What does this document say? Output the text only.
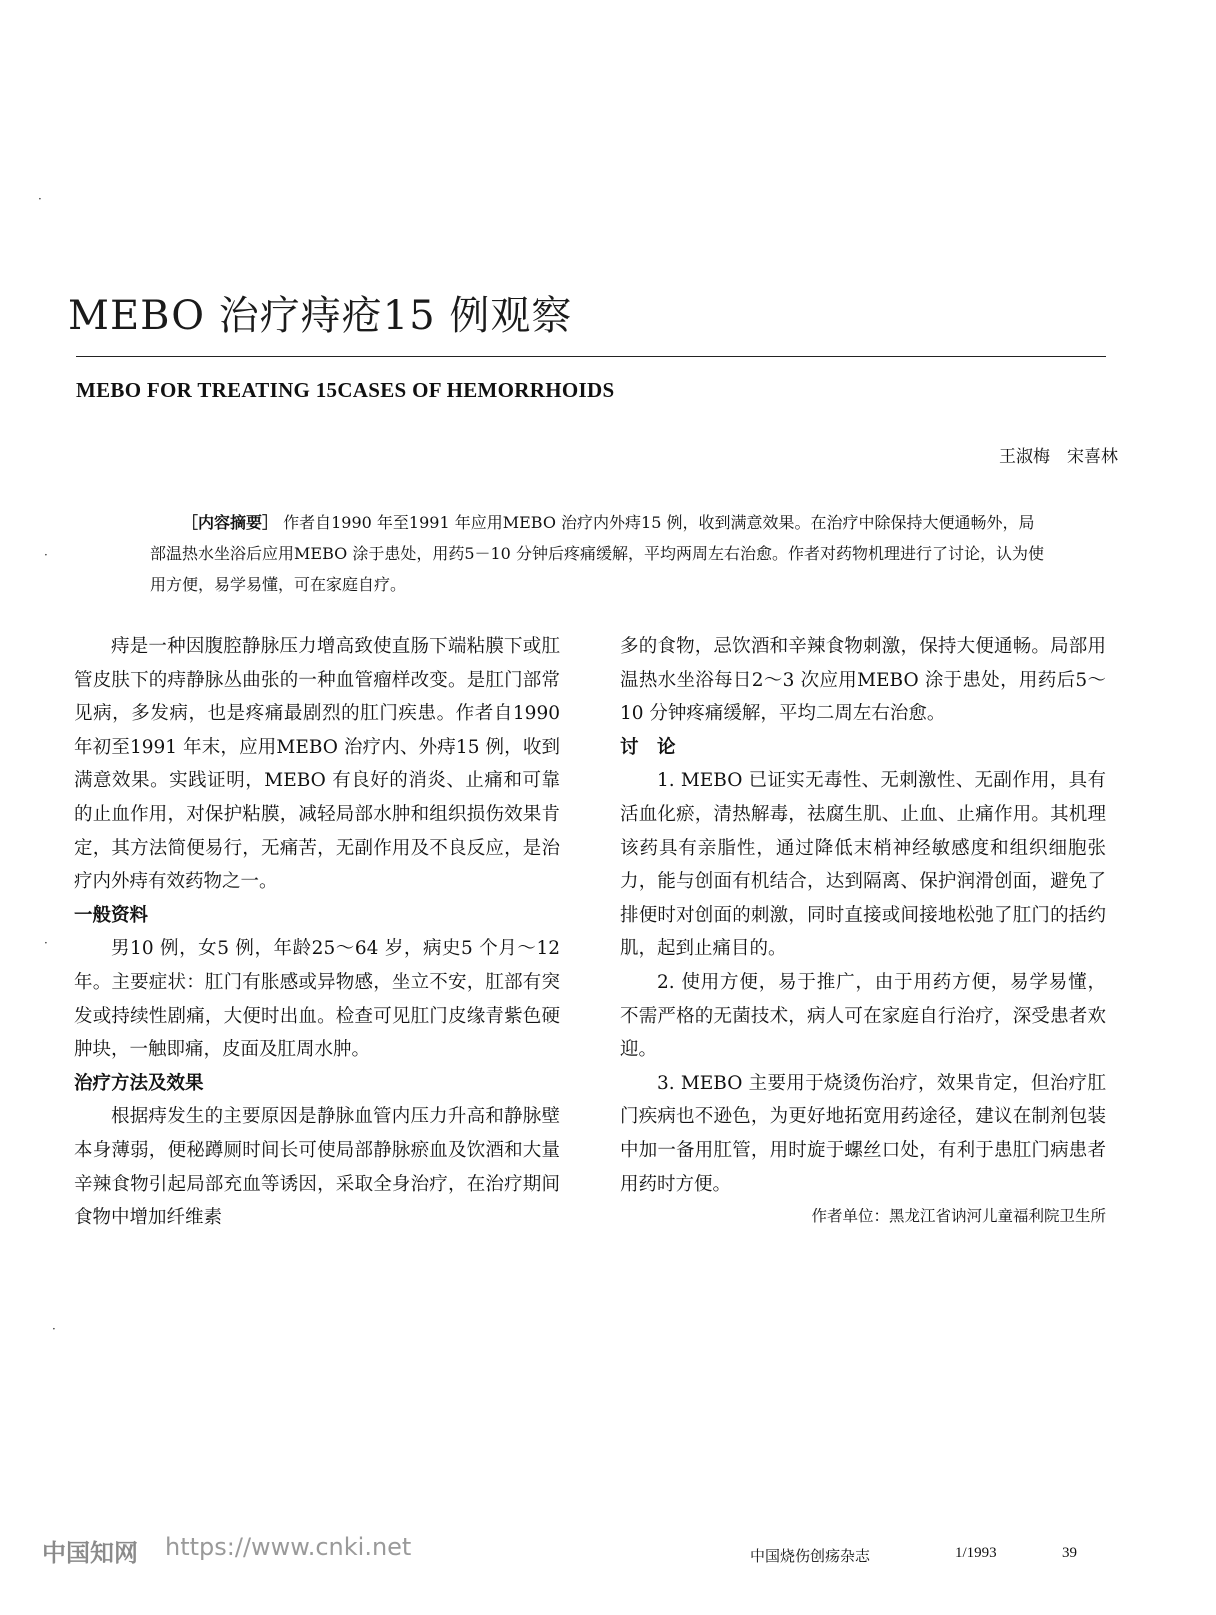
MEBO 治疗痔疮15 例观察
MEBO FOR TREATING 15CASES OF HEMORRHOIDS
王淑梅　宋喜林
［内容摘要］ 作者自1990 年至1991 年应用MEBO 治疗内外痔15 例，收到满意效果。在治疗中除保持大便通畅外，局部温热水坐浴后应用MEBO 涂于患处，用药5－10 分钟后疼痛缓解，平均两周左右治愈。作者对药物机理进行了讨论，认为使用方便，易学易懂，可在家庭自疗。
·
·
·
·

痔是一种因腹腔静脉压力增高致使直肠下端粘膜下或肛管皮肤下的痔静脉丛曲张的一种血管瘤样改变。是肛门部常见病，多发病，也是疼痛最剧烈的肛门疾患。作者自1990 年初至1991 年末，应用MEBO 治疗内、外痔15 例，收到满意效果。实践证明，MEBO 有良好的消炎、止痛和可靠的止血作用，对保护粘膜，减轻局部水肿和组织损伤效果肯定，其方法简便易行，无痛苦，无副作用及不良反应，是治疗内外痔有效药物之一。

一般资料

男10 例，女5 例，年龄25～64 岁，病史5 个月～12 年。主要症状：肛门有胀感或异物感，坐立不安，肛部有突发或持续性剧痛，大便时出血。检查可见肛门皮缘青紫色硬肿块，一触即痛，皮面及肛周水肿。

治疗方法及效果

根据痔发生的主要原因是静脉血管内压力升高和静脉壁本身薄弱，便秘蹲厕时间长可使局部静脉瘀血及饮酒和大量辛辣食物引起局部充血等诱因，采取全身治疗，在治疗期间食物中增加纤维素

多的食物，忌饮酒和辛辣食物刺激，保持大便通畅。局部用温热水坐浴每日2～3 次应用MEBO 涂于患处，用药后5～10 分钟疼痛缓解，平均二周左右治愈。

讨　论

1. MEBO 已证实无毒性、无刺激性、无副作用，具有活血化瘀，清热解毒，祛腐生肌、止血、止痛作用。其机理该药具有亲脂性，通过降低末梢神经敏感度和组织细胞张力，能与创面有机结合，达到隔离、保护润滑创面，避免了排便时对创面的刺激，同时直接或间接地松弛了肛门的括约肌，起到止痛目的。

2. 使用方便，易于推广，由于用药方便，易学易懂，不需严格的无菌技术，病人可在家庭自行治疗，深受患者欢迎。

3. MEBO 主要用于烧烫伤治疗，效果肯定，但治疗肛门疾病也不逊色，为更好地拓宽用药途径，建议在制剂包装中加一备用肛管，用时旋于螺丝口处，有利于患肛门病患者用药时方便。

作者单位：黑龙江省讷河儿童福利院卫生所

中国知网 https://www.cnki.net	中国烧伤创疡杂志	1/1993	39
